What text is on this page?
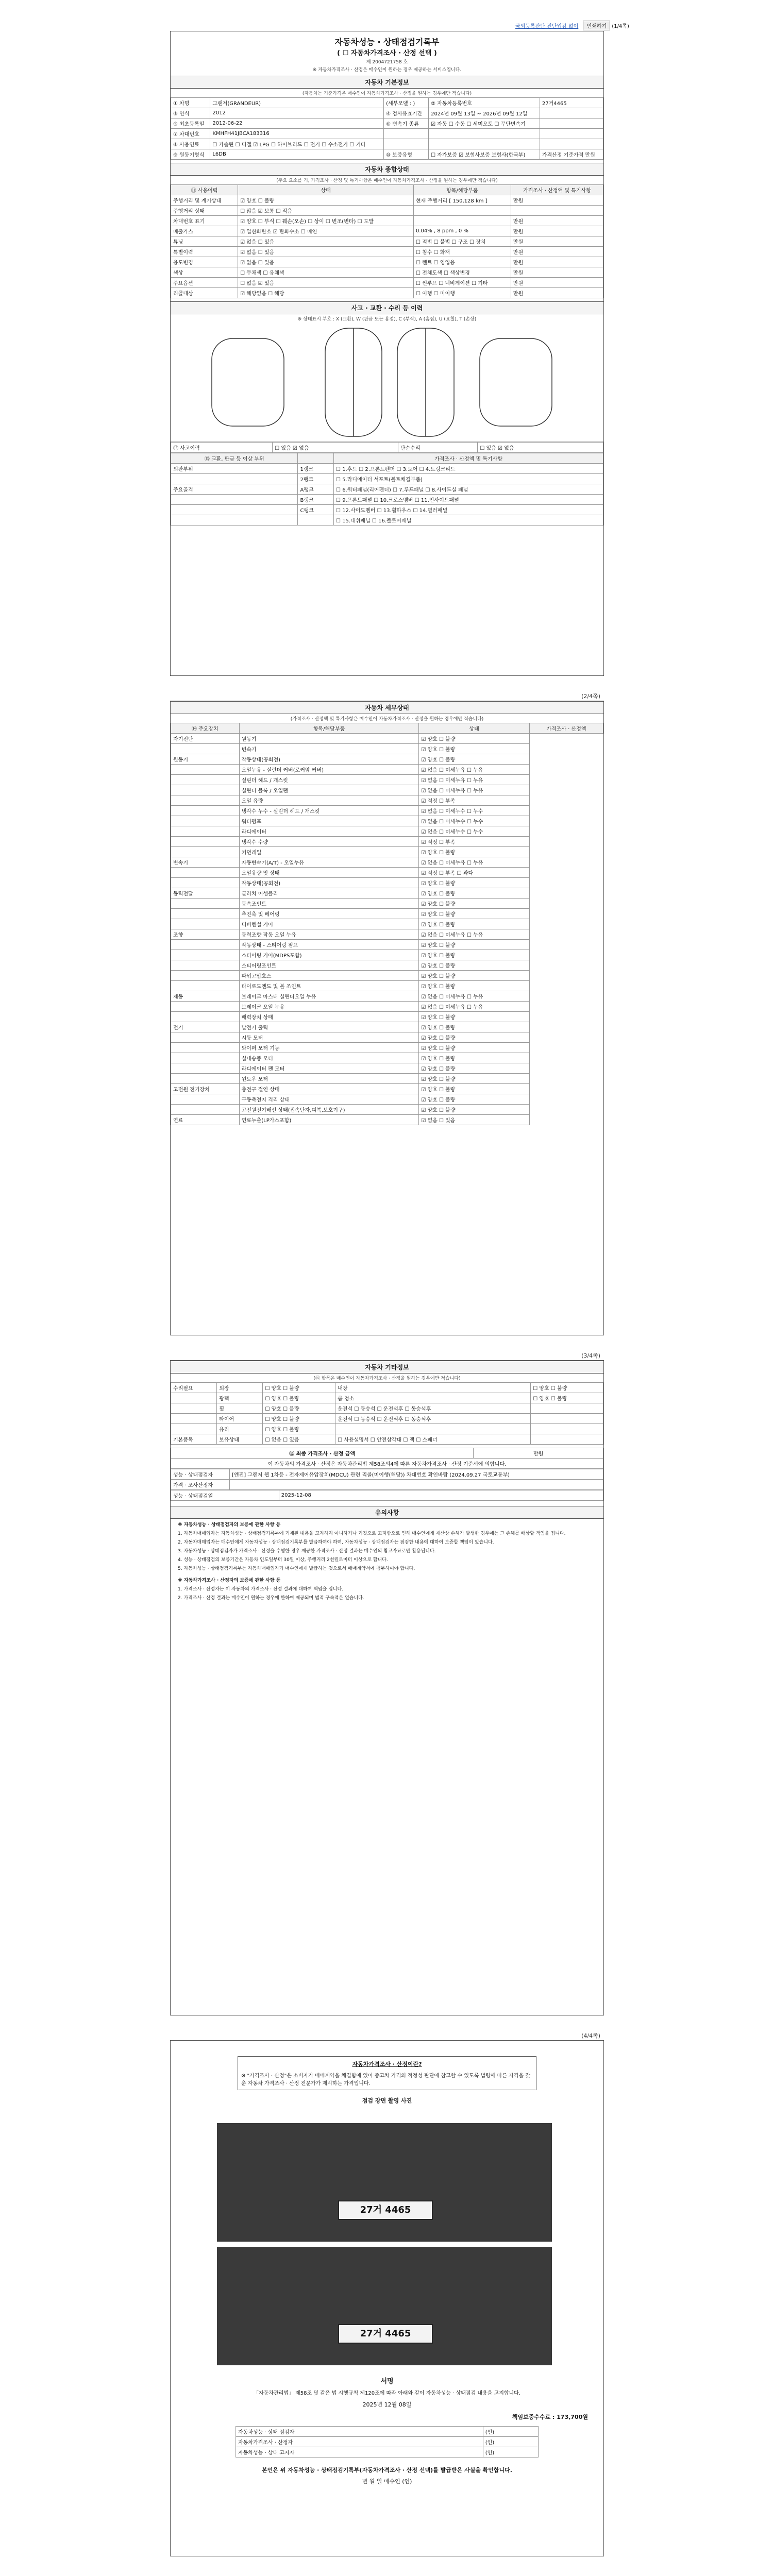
국외등록판단 진단입감 없이 인쇄하기 (1/4쪽)
자동차성능 · 상태점검기록부
( ☐ 자동차가격조사 · 산정 선택 )
제 2004721758 호
※ 자동차가격조사 · 산정은 매수인이 원하는 경우 제공하는 서비스입니다.
자동차 기본정보
(자동차는 기준가격은 매수인이 자동차가격조사 · 산정을 원하는 경우에만 적습니다)
① 차명	그랜저(GRANDEUR)	(세부모델 : )	② 자동차등록번호	27거4465
③ 연식	2012	④ 검사유효기간	2024년 09월 13일 ~ 2026년 09월 12일	
⑤ 최초등록일	2012-06-22	⑥ 변속기 종류	☑ 자동 ☐ 수동 ☐ 세미오토 ☐ 무단변속기	
⑦ 차대번호	KMHFH41JBCA183316			
⑧ 사용연료	☐ 가솔린 ☐ 디젤 ☑ LPG ☐ 하이브리드 ☐ 전기 ☐ 수소전기 ☐ 기타			
⑨ 원동기형식	L6DB	⑩ 보증유형	☐ 자가보증 ☑ 보험사보증 보험사(한국부)	가격산정 기준가격 만원
자동차 종합상태
(주요 요소를 기, 가격조사 · 산정 및 특기사항은 매수인이 자동차가격조사 · 산정을 원하는 경우에만 적습니다)
⑪ 사용이력	상태	항목/해당부품	가격조사 · 산정액 및 특기사항
주행거리 및 계기상태	☑ 양호 ☐ 불량	현재 주행거리 [ 150,128 km ]	만원
주행거리 상태	☐ 많음 ☑ 보통 ☐ 적음		
차대번호 표기	☑ 양호 ☐ 부식 ☐ 훼손(오손) ☐ 상이 ☐ 변조(변타) ☐ 도말		만원
배출가스	☑ 일산화탄소 ☑ 탄화수소 ☐ 매연	0.04% , 8 ppm , 0 %	만원
튜닝	☑ 없음 ☐ 있음	☐ 적법 ☐ 불법 ☐ 구조 ☐ 장치	만원
특별이력	☑ 없음 ☐ 있음	☐ 침수 ☐ 화재	만원
용도변경	☑ 없음 ☐ 있음	☐ 렌트 ☐ 영업용	만원
색상	☐ 무채색 ☐ 유채색	☐ 전체도색 ☐ 색상변경	만원
주요옵션	☐ 없음 ☑ 있음	☐ 썬루프 ☐ 네비게이션 ☐ 기타	만원
리콜대상	☑ 해당없음 ☐ 해당	☐ 이행 ☐ 미이행	만원
사고 · 교환 · 수리 등 이력
※ 상태표시 부호 : X (교환), W (판금 또는 용접), C (부식), A (흠집), U (요철), T (손상)
⑫ 사고이력	☐ 있음 ☑ 없음	단순수리	☐ 있음 ☑ 없음
⑬ 교환, 판금 등 이상 부위		가격조사 · 산정액 및 특기사항
외판부위	1랭크	☐ 1.후드 ☐ 2.프론트펜더 ☐ 3.도어 ☐ 4.트렁크리드
	2랭크	☐ 5.라디에이터 서포트(볼트체결부품)
주요골격	A랭크	☐ 6.쿼터패널(리어펜더) ☐ 7.루프패널 ☐ 8.사이드실 패널
	B랭크	☐ 9.프론트패널 ☐ 10.크로스멤버 ☐ 11.인사이드패널
	C랭크	☐ 12.사이드멤버 ☐ 13.휠하우스 ☐ 14.필러패널
		☐ 15.대쉬패널 ☐ 16.플로어패널
(2/4쪽)
자동차 세부상태
(가격조사 · 산정액 및 특기사항은 매수인이 자동차가격조사 · 산정을 원하는 경우에만 적습니다)
⑭ 주요장치	항목/해당부품	상태	가격조사 · 산정액
자기진단	원동기	☑ 양호 ☐ 불량	
	변속기	☑ 양호 ☐ 불량	
원동기	작동상태(공회전)	☑ 양호 ☐ 불량	
	오일누유 - 실린더 커버(로커암 커버)	☑ 없음 ☐ 미세누유 ☐ 누유	
	실린더 헤드 / 개스킷	☑ 없음 ☐ 미세누유 ☐ 누유	
	실린더 블록 / 오일팬	☑ 없음 ☐ 미세누유 ☐ 누유	
	오일 유량	☑ 적정 ☐ 부족	
	냉각수 누수 - 실린더 헤드 / 개스킷	☑ 없음 ☐ 미세누수 ☐ 누수	
	워터펌프	☑ 없음 ☐ 미세누수 ☐ 누수	
	라디에이터	☑ 없음 ☐ 미세누수 ☐ 누수	
	냉각수 수량	☑ 적정 ☐ 부족	
	커먼레일	☑ 양호 ☐ 불량	
변속기	자동변속기(A/T) - 오일누유	☑ 없음 ☐ 미세누유 ☐ 누유	
	오일유량 및 상태	☑ 적정 ☐ 부족 ☐ 과다	
	작동상태(공회전)	☑ 양호 ☐ 불량	
동력전달	클러치 어셈블리	☑ 양호 ☐ 불량	
	등속조인트	☑ 양호 ☐ 불량	
	추진축 및 베어링	☑ 양호 ☐ 불량	
	디퍼렌셜 기어	☑ 양호 ☐ 불량	
조향	동력조향 작동 오일 누유	☑ 없음 ☐ 미세누유 ☐ 누유	
	작동상태 - 스티어링 펌프	☑ 양호 ☐ 불량	
	스티어링 기어(MDPS포함)	☑ 양호 ☐ 불량	
	스티어링조인트	☑ 양호 ☐ 불량	
	파워고압호스	☑ 양호 ☐ 불량	
	타이로드엔드 및 볼 조인트	☑ 양호 ☐ 불량	
제동	브레이크 마스터 실린더오일 누유	☑ 없음 ☐ 미세누유 ☐ 누유	
	브레이크 오일 누유	☑ 없음 ☐ 미세누유 ☐ 누유	
	배력장치 상태	☑ 양호 ☐ 불량	
전기	발전기 출력	☑ 양호 ☐ 불량	
	시동 모터	☑ 양호 ☐ 불량	
	와이퍼 모터 기능	☑ 양호 ☐ 불량	
	실내송풍 모터	☑ 양호 ☐ 불량	
	라디에이터 팬 모터	☑ 양호 ☐ 불량	
	윈도우 모터	☑ 양호 ☐ 불량	
고전원 전기장치	충전구 절연 상태	☑ 양호 ☐ 불량	
	구동축전지 격리 상태	☑ 양호 ☐ 불량	
	고전원전기배선 상태(접속단자,피복,보호기구)	☑ 양호 ☐ 불량	
연료	연료누출(LP가스포함)	☑ 없음 ☐ 있음	
(3/4쪽)
자동차 기타정보
(⑮ 항목은 매수인이 자동차가격조사 · 산정을 원하는 경우에만 적습니다)
수리필요	외장	☐ 양호 ☐ 불량	내장	☐ 양호 ☐ 불량
	광택	☐ 양호 ☐ 불량	룸 청소	☐ 양호 ☐ 불량
	휠	☐ 양호 ☐ 불량	운전석 ☐ 동승석 ☐ 운전석후 ☐ 동승석후	
	타이어	☐ 양호 ☐ 불량	운전석 ☐ 동승석 ☐ 운전석후 ☐ 동승석후	
	유리	☐ 양호 ☐ 불량		
기본품목	보유상태	☐ 없음 ☐ 있음	☐ 사용설명서 ☐ 안전삼각대 ☐ 잭 ☐ 스패너	
⑯ 최종 가격조사 · 산정 금액	만원
이 자동차의 가격조사 · 산정은 자동차관리법 제58조의4에 따른 자동차가격조사 · 산정 기준서에 의합니다.
성능 · 상태점검자	[엔진] 그랜저 웹 1차등 - 전자제어유압장치(MDCU) 관련 리콜(미이행(해당)) 차대번호 확인바람 (2024.09.27 국토교통부)
가격 · 조사산정자	
성능 · 상태점검일	2025-12-08
유의사항
※ 자동차성능 · 상태점검자의 보증에 관한 사항 등
1. 자동차매매업자는 자동차성능 · 상태점검기록부에 기재된 내용을 고지하지 아니하거나 거짓으로 고지함으로 인해 매수인에게 재산상 손해가 발생한 경우에는 그 손해를 배상할 책임을 집니다.
2. 자동차매매업자는 매수인에게 자동차성능 · 상태점검기록부를 발급하여야 하며, 자동차성능 · 상태점검자는 점검한 내용에 대하여 보증할 책임이 있습니다.
3. 자동차성능 · 상태점검자가 가격조사 · 산정을 수행한 경우 제공한 가격조사 · 산정 결과는 매수인의 참고자료로만 활용됩니다.
4. 성능 · 상태점검의 보증기간은 자동차 인도일부터 30일 이상, 주행거리 2천킬로미터 이상으로 합니다.
5. 자동차성능 · 상태점검기록부는 자동차매매업자가 매수인에게 발급하는 것으로서 매매계약서에 첨부하여야 합니다.
※ 자동차가격조사 · 산정자의 보증에 관한 사항 등
1. 가격조사 · 산정자는 이 자동차의 가격조사 · 산정 결과에 대하여 책임을 집니다.
2. 가격조사 · 산정 결과는 매수인이 원하는 경우에 한하여 제공되며 법적 구속력은 없습니다.
(4/4쪽)
자동차가격조사 · 산정이란?
※ "가격조사 · 산정"은 소비자가 매매계약을 체결함에 있어 중고차 가격의 적정성 판단에 참고할 수 있도록 법령에 따른 자격을 갖춘 자동차 가격조사 · 산정 전문가가 제시하는 가격입니다.
점검 장면 촬영 사진
27거 4465
27거 4465
서명
「자동차관리법」 제58조 및 같은 법 시행규칙 제120조에 따라 아래와 같이 자동차성능 · 상태점검 내용을 고지합니다.
2025년 12월 08일
책임보증수수료 : 173,700원
자동차성능 · 상태 점검자	(인)
자동차가격조사 · 산정자	(인)
자동차성능 · 상태 고지자	(인)
본인은 위 자동차성능 · 상태점검기록부(자동차가격조사 · 산정 선택)를 발급받은 사실을 확인합니다.
년 월 일 매수인 (인)
